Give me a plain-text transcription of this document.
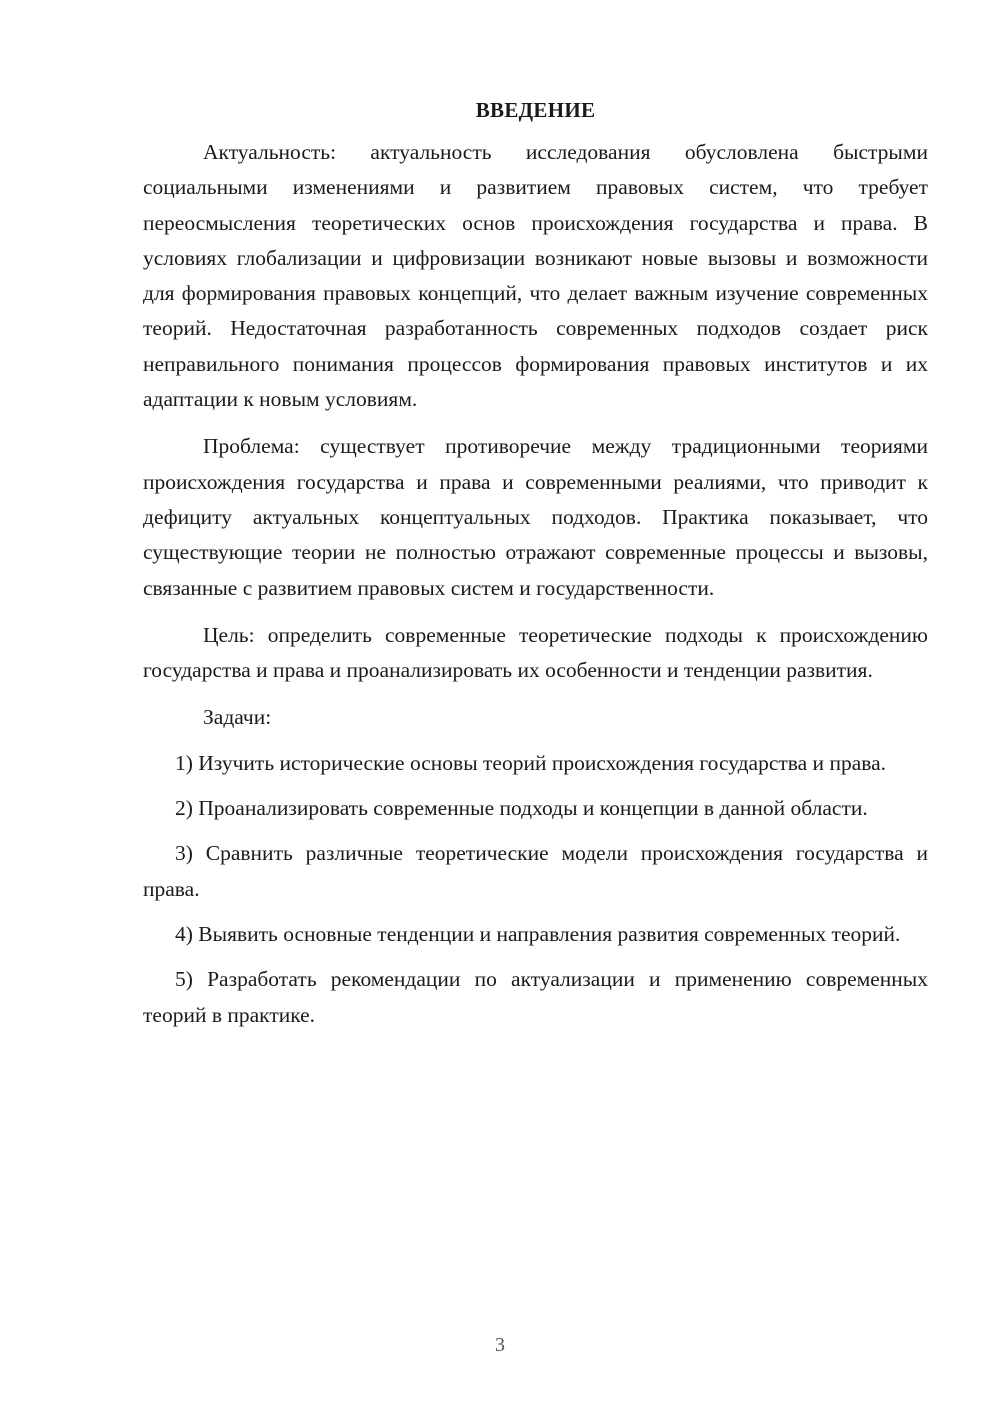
ВВЕДЕНИЕ

Актуальность: актуальность исследования обусловлена быстрыми социальными изменениями и развитием правовых систем, что требует переосмысления теоретических основ происхождения государства и права. В условиях глобализации и цифровизации возникают новые вызовы и возможности для формирования правовых концепций, что делает важным изучение современных теорий. Недостаточная разработанность современных подходов создает риск неправильного понимания процессов формирования правовых институтов и их адаптации к новым условиям.

Проблема: существует противоречие между традиционными теориями происхождения государства и права и современными реалиями, что приводит к дефициту актуальных концептуальных подходов. Практика показывает, что существующие теории не полностью отражают современные процессы и вызовы, связанные с развитием правовых систем и государственности.

Цель: определить современные теоретические подходы к происхождению государства и права и проанализировать их особенности и тенденции развития.

Задачи:

1) Изучить исторические основы теорий происхождения государства и права.

2) Проанализировать современные подходы и концепции в данной области.

3) Сравнить различные теоретические модели происхождения государства и права.

4) Выявить основные тенденции и направления развития современных теорий.

5) Разработать рекомендации по актуализации и применению современных теорий в практике.

3
